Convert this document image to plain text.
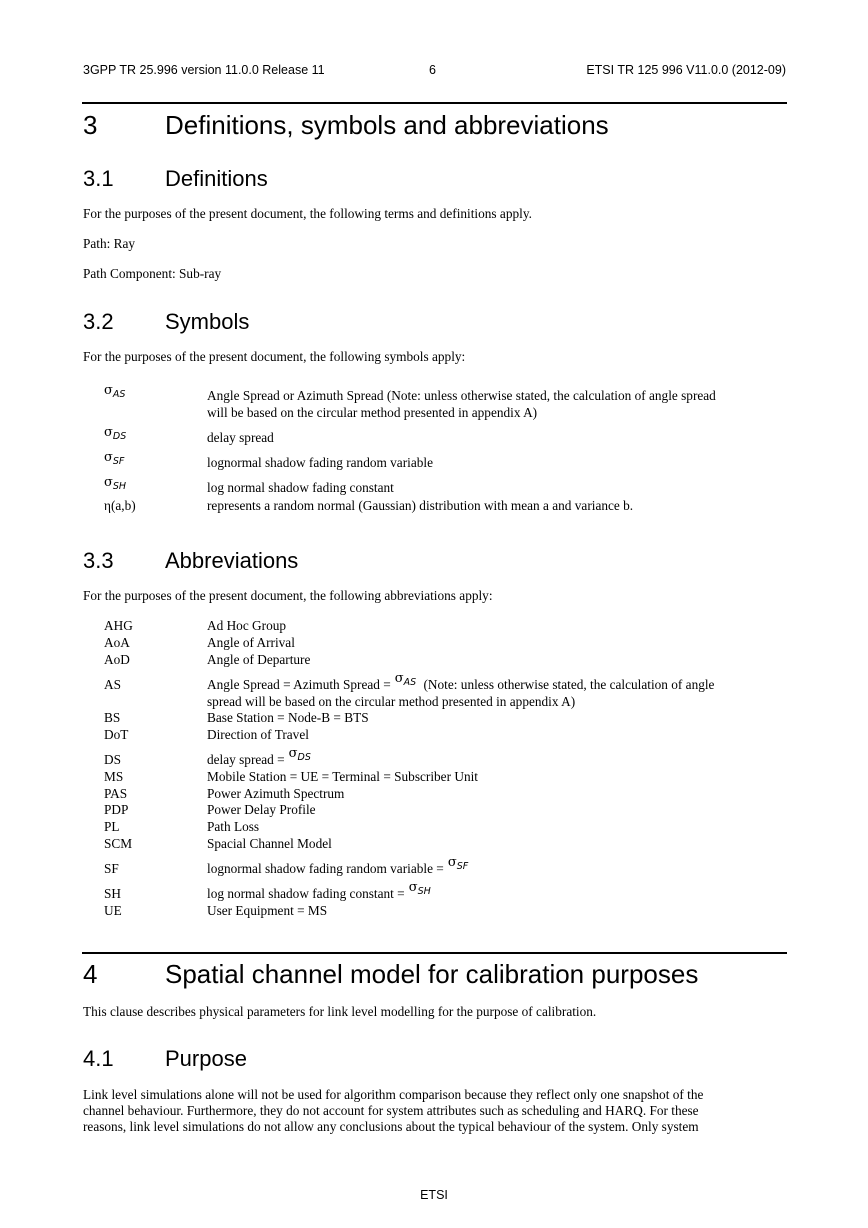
3GPP TR 25.996 version 11.0.0 Release 11	6	ETSI TR 125 996 V11.0.0 (2012-09)
3	Definitions, symbols and abbreviations
3.1 Definitions
For the purposes of the present document, the following terms and definitions apply.
Path: Ray
Path Component: Sub-ray
3.2 Symbols
For the purposes of the present document, the following symbols apply:
$\sigma_{AS}$	Angle Spread or Azimuth Spread (Note: unless otherwise stated, the calculation of angle spread
will be based on the circular method presented in appendix A)
$\sigma_{DS}$	delay spread
$\sigma_{SF}$	lognormal shadow fading random variable
$\sigma_{SH}$	log normal shadow fading constant
η(a,b)	represents a random normal (Gaussian) distribution with mean a and variance b.
3.3 Abbreviations
For the purposes of the present document, the following abbreviations apply:
AHG	Ad Hoc Group
AoA	Angle of Arrival
AoD	Angle of Departure
AS	Angle Spread = Azimuth Spread = $\sigma_{AS}$ (Note: unless otherwise stated, the calculation of angle
spread will be based on the circular method presented in appendix A)
BS	Base Station = Node-B = BTS
DoT	Direction of Travel
DS	delay spread = $\sigma_{DS}$
MS	Mobile Station = UE = Terminal = Subscriber Unit
PAS	Power Azimuth Spectrum
PDP	Power Delay Profile
PL	Path Loss
SCM	Spacial Channel Model
SF	lognormal shadow fading random variable = $\sigma_{SF}$
SH	log normal shadow fading constant = $\sigma_{SH}$
UE	User Equipment = MS
4	Spatial channel model for calibration purposes
This clause describes physical parameters for link level modelling for the purpose of calibration.
4.1 Purpose
Link level simulations alone will not be used for algorithm comparison because they reflect only one snapshot of the
channel behaviour. Furthermore, they do not account for system attributes such as scheduling and HARQ. For these
reasons, link level simulations do not allow any conclusions about the typical behaviour of the system. Only system
ETSI
